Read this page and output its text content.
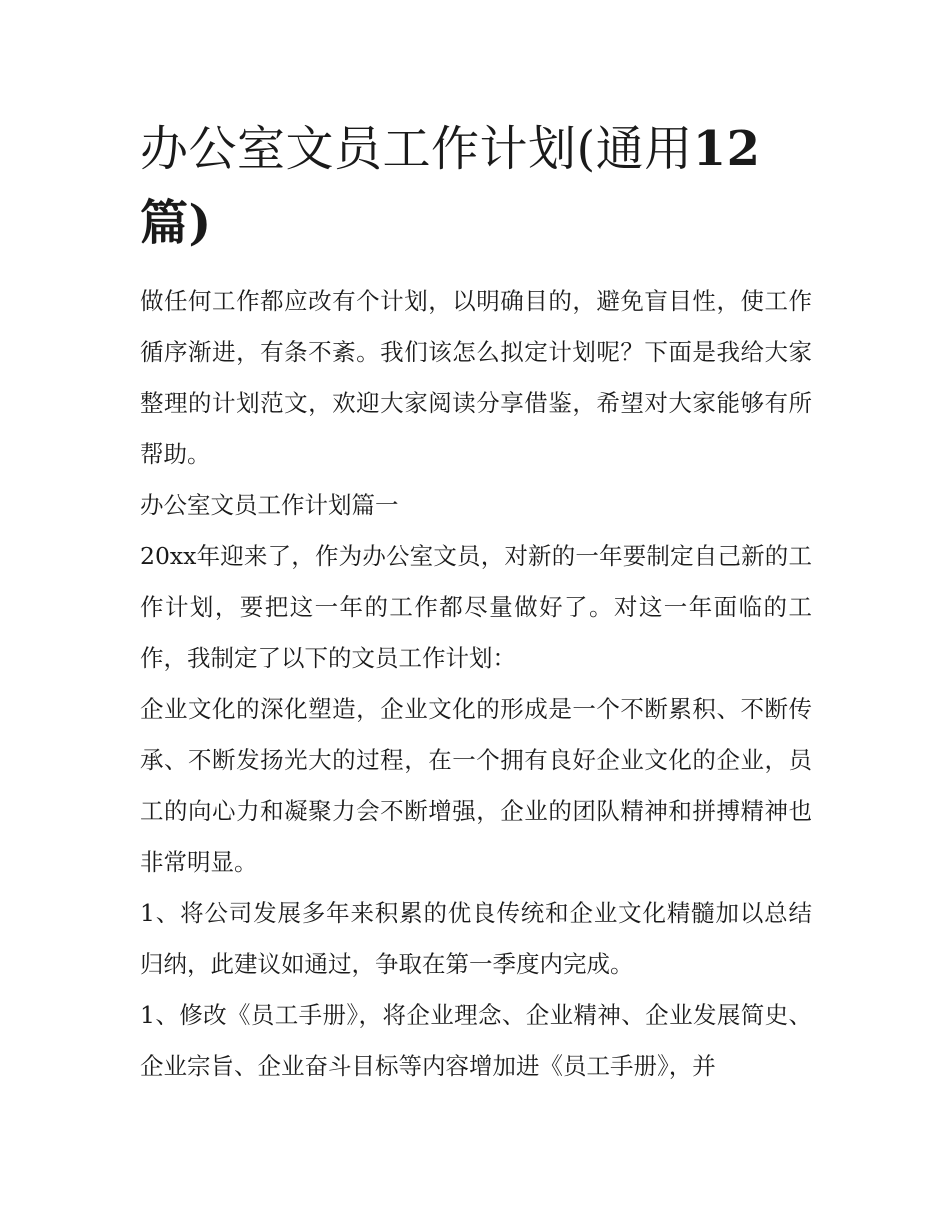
办公室文员工作计划(通用12篇)

做任何工作都应改有个计划，以明确目的，避免盲目性，使工作循序渐进，有条不紊。我们该怎么拟定计划呢？下面是我给大家整理的计划范文，欢迎大家阅读分享借鉴，希望对大家能够有所帮助。

办公室文员工作计划篇一

20xx年迎来了，作为办公室文员，对新的一年要制定自己新的工作计划，要把这一年的工作都尽量做好了。对这一年面临的工作，我制定了以下的文员工作计划：

企业文化的深化塑造，企业文化的形成是一个不断累积、不断传承、不断发扬光大的过程，在一个拥有良好企业文化的企业，员工的向心力和凝聚力会不断增强，企业的团队精神和拼搏精神也非常明显。

1、将公司发展多年来积累的优良传统和企业文化精髓加以总结归纳，此建议如通过，争取在第一季度内完成。

1、修改《员工手册》，将企业理念、企业精神、企业发展简史、企业宗旨、企业奋斗目标等内容增加进《员工手册》，并
